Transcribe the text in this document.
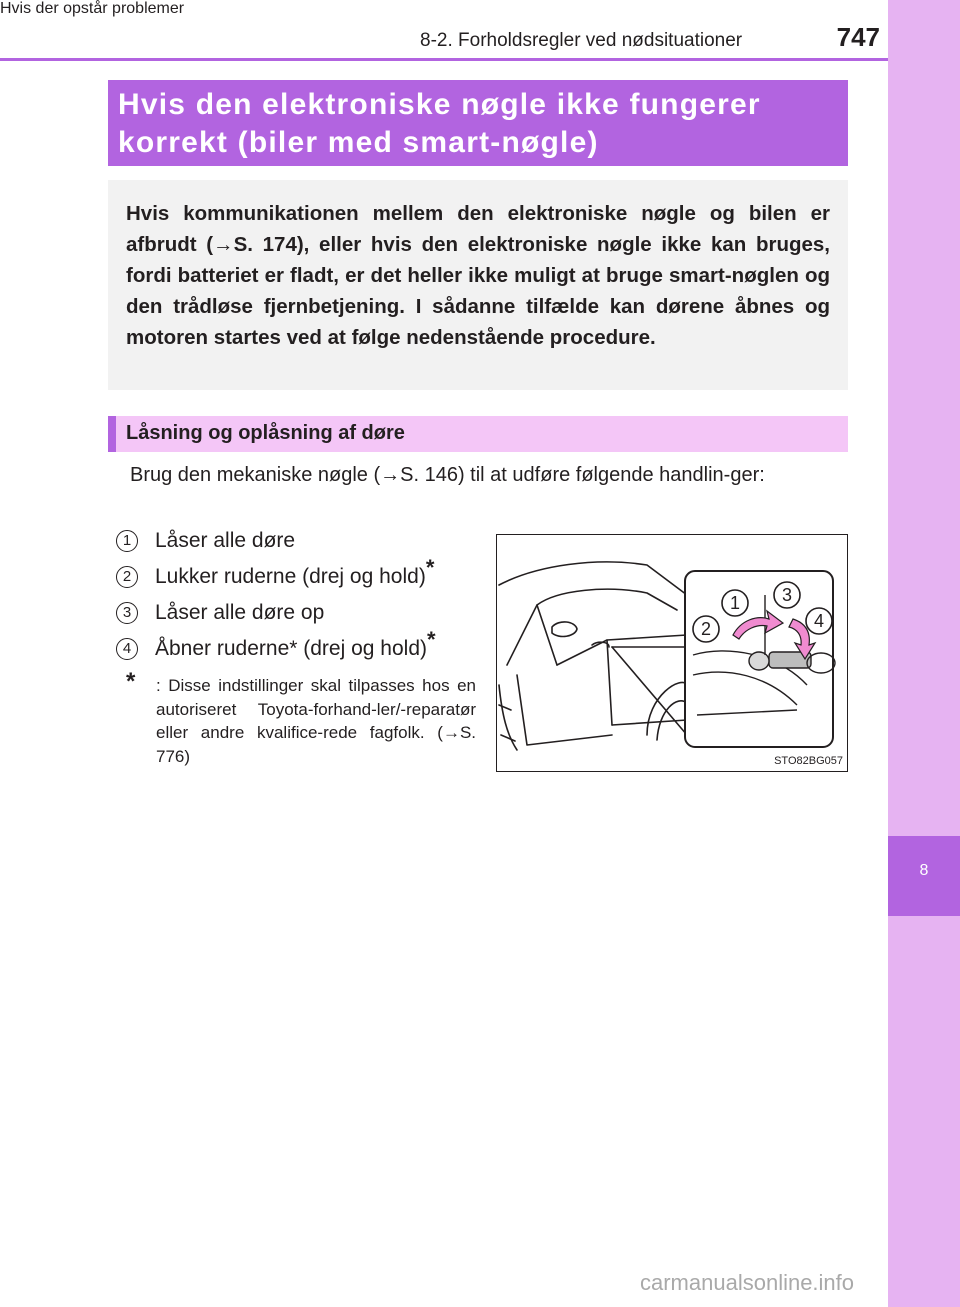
8
Hvis der opstår problemer
8-2. Forholdsregler ved nødsituationer	747
Hvis den elektroniske nøgle ikke fungerer korrekt (biler med smart-nøgle)

Hvis kommunikationen mellem den elektroniske nøgle og bilen er afbrudt (→S. 174), eller hvis den elektroniske nøgle ikke kan bruges, fordi batteriet er fladt, er det heller ikke muligt at bruge smart-nøglen og den trådløse fjernbetjening. I sådanne tilfælde kan dørene åbnes og motoren startes ved at følge nedenstående procedure.

Låsning og oplåsning af døre

Brug den mekaniske nøgle (→S. 146) til at udføre følgende handlin-ger:

1	Låser alle døre
2	Lukker ruderne (drej og hold)*
3	Låser alle døre op
4	Åbner ruderne* (drej og hold)*
* : Disse indstillinger skal tilpasses hos en autoriseret Toyota-forhand-ler/-reparatør eller andre kvalifice-rede fagfolk. (→S. 776)
1
2
3
4
STO82BG057
carmanualsonline.info
